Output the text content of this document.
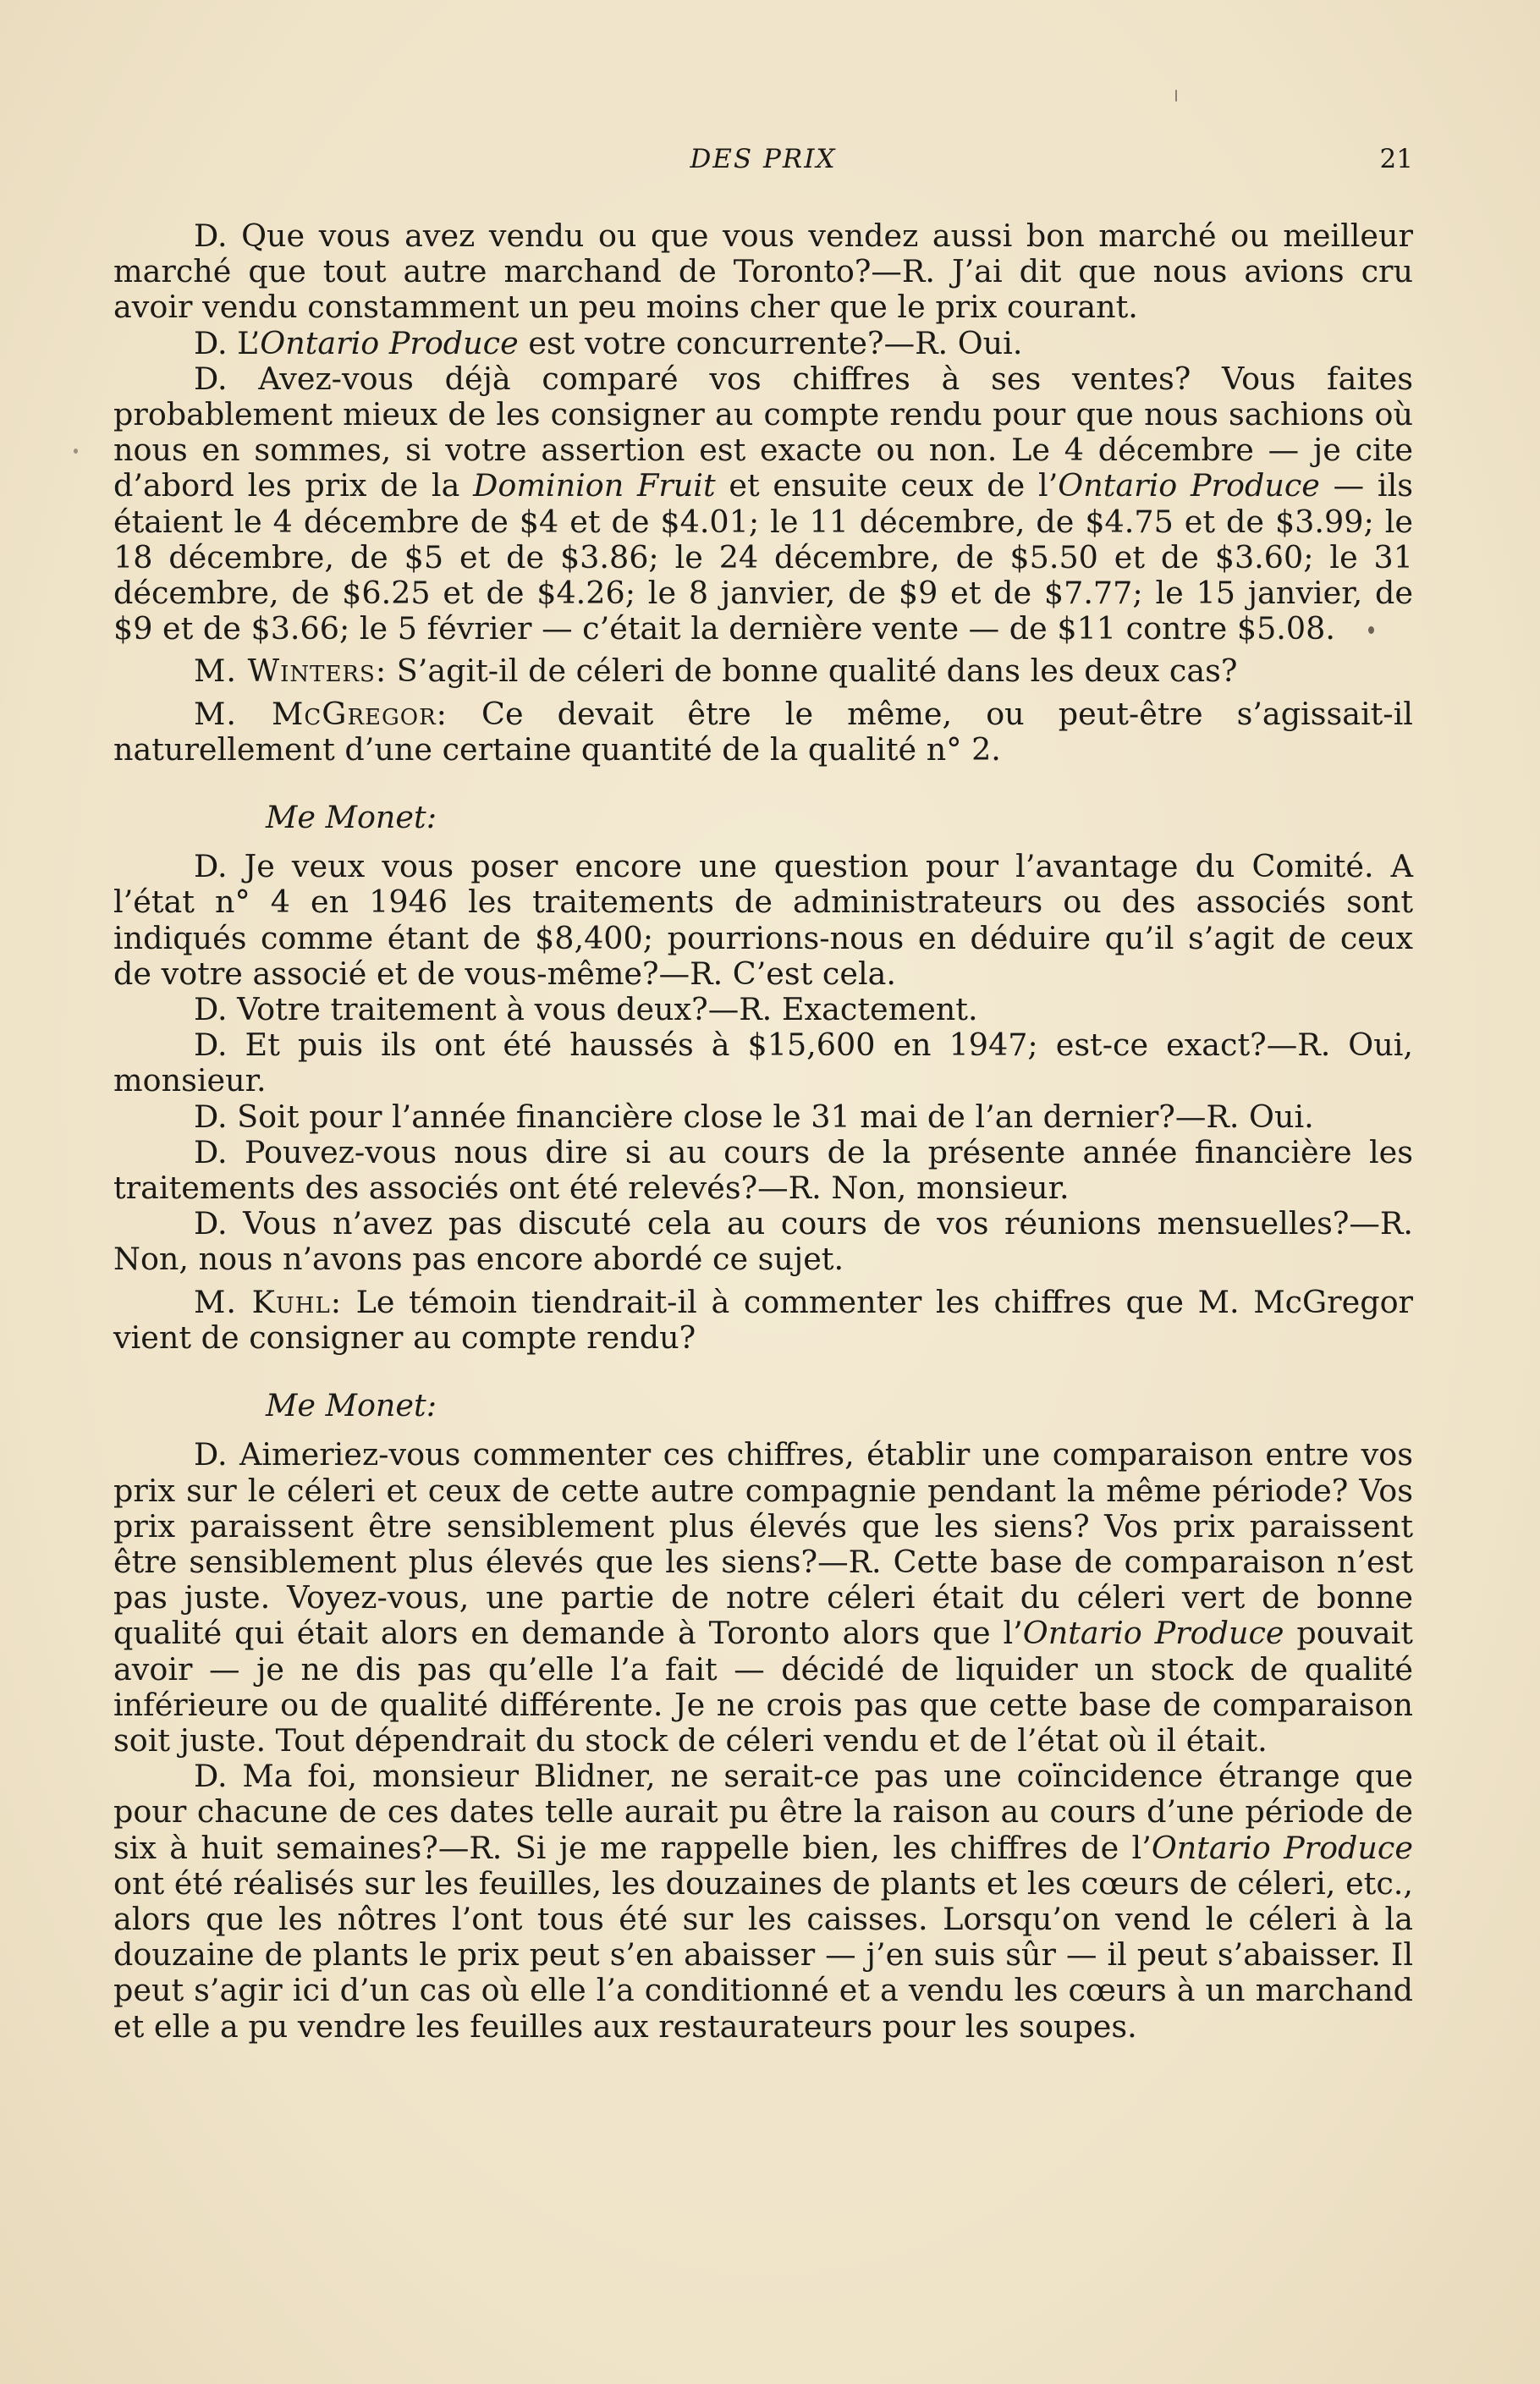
DES PRIX	21

D. Que vous avez vendu ou que vous vendez aussi bon marché ou meilleur marché que tout autre marchand de Toronto?—R. J’ai dit que nous avions cru avoir vendu constamment un peu moins cher que le prix courant.

D. L’Ontario Produce est votre concurrente?—R. Oui.

D. Avez-vous déjà comparé vos chiffres à ses ventes? Vous faites probablement mieux de les consigner au compte rendu pour que nous sachions où nous en sommes, si votre assertion est exacte ou non. Le 4 décembre — je cite d’abord les prix de la Dominion Fruit et ensuite ceux de l’Ontario Produce — ils étaient le 4 décembre de $4 et de $4.01; le 11 décembre, de $4.75 et de $3.99; le 18 décembre, de $5 et de $3.86; le 24 décembre, de $5.50 et de $3.60; le 31 décembre, de $6.25 et de $4.26; le 8 janvier, de $9 et de $7.77; le 15 janvier, de $9 et de $3.66; le 5 février — c’était la dernière vente — de $11 contre $5.08.

M. Winters: S’agit-il de céleri de bonne qualité dans les deux cas?

M. McGregor: Ce devait être le même, ou peut-être s’agissait-il naturellement d’une certaine quantité de la qualité n° 2.

Me Monet:

D. Je veux vous poser encore une question pour l’avantage du Comité. A l’état n° 4 en 1946 les traitements de administrateurs ou des associés sont indiqués comme étant de $8,400; pourrions-nous en déduire qu’il s’agit de ceux de votre associé et de vous-même?—R. C’est cela.

D. Votre traitement à vous deux?—R. Exactement.

D. Et puis ils ont été haussés à $15,600 en 1947; est-ce exact?—R. Oui, monsieur.

D. Soit pour l’année financière close le 31 mai de l’an dernier?—R. Oui.

D. Pouvez-vous nous dire si au cours de la présente année financière les traitements des associés ont été relevés?—R. Non, monsieur.

D. Vous n’avez pas discuté cela au cours de vos réunions mensuelles?—R. Non, nous n’avons pas encore abordé ce sujet.

M. Kuhl: Le témoin tiendrait-il à commenter les chiffres que M. McGregor vient de consigner au compte rendu?

Me Monet:

D. Aimeriez-vous commenter ces chiffres, établir une comparaison entre vos prix sur le céleri et ceux de cette autre compagnie pendant la même période? Vos prix paraissent être sensiblement plus élevés que les siens? Vos prix paraissent être sensiblement plus élevés que les siens?—R. Cette base de comparaison n’est pas juste. Voyez-vous, une partie de notre céleri était du céleri vert de bonne qualité qui était alors en demande à Toronto alors que l’Ontario Produce pouvait avoir — je ne dis pas qu’elle l’a fait — décidé de liquider un stock de qualité inférieure ou de qualité différente. Je ne crois pas que cette base de comparaison soit juste. Tout dépendrait du stock de céleri vendu et de l’état où il était.

D. Ma foi, monsieur Blidner, ne serait-ce pas une coïncidence étrange que pour chacune de ces dates telle aurait pu être la raison au cours d’une période de six à huit semaines?—R. Si je me rappelle bien, les chiffres de l’Ontario Produce ont été réalisés sur les feuilles, les douzaines de plants et les cœurs de céleri, etc., alors que les nôtres l’ont tous été sur les caisses. Lorsqu’on vend le céleri à la douzaine de plants le prix peut s’en abaisser — j’en suis sûr — il peut s’abaisser. Il peut s’agir ici d’un cas où elle l’a conditionné et a vendu les cœurs à un marchand et elle a pu vendre les feuilles aux restaurateurs pour les soupes.
